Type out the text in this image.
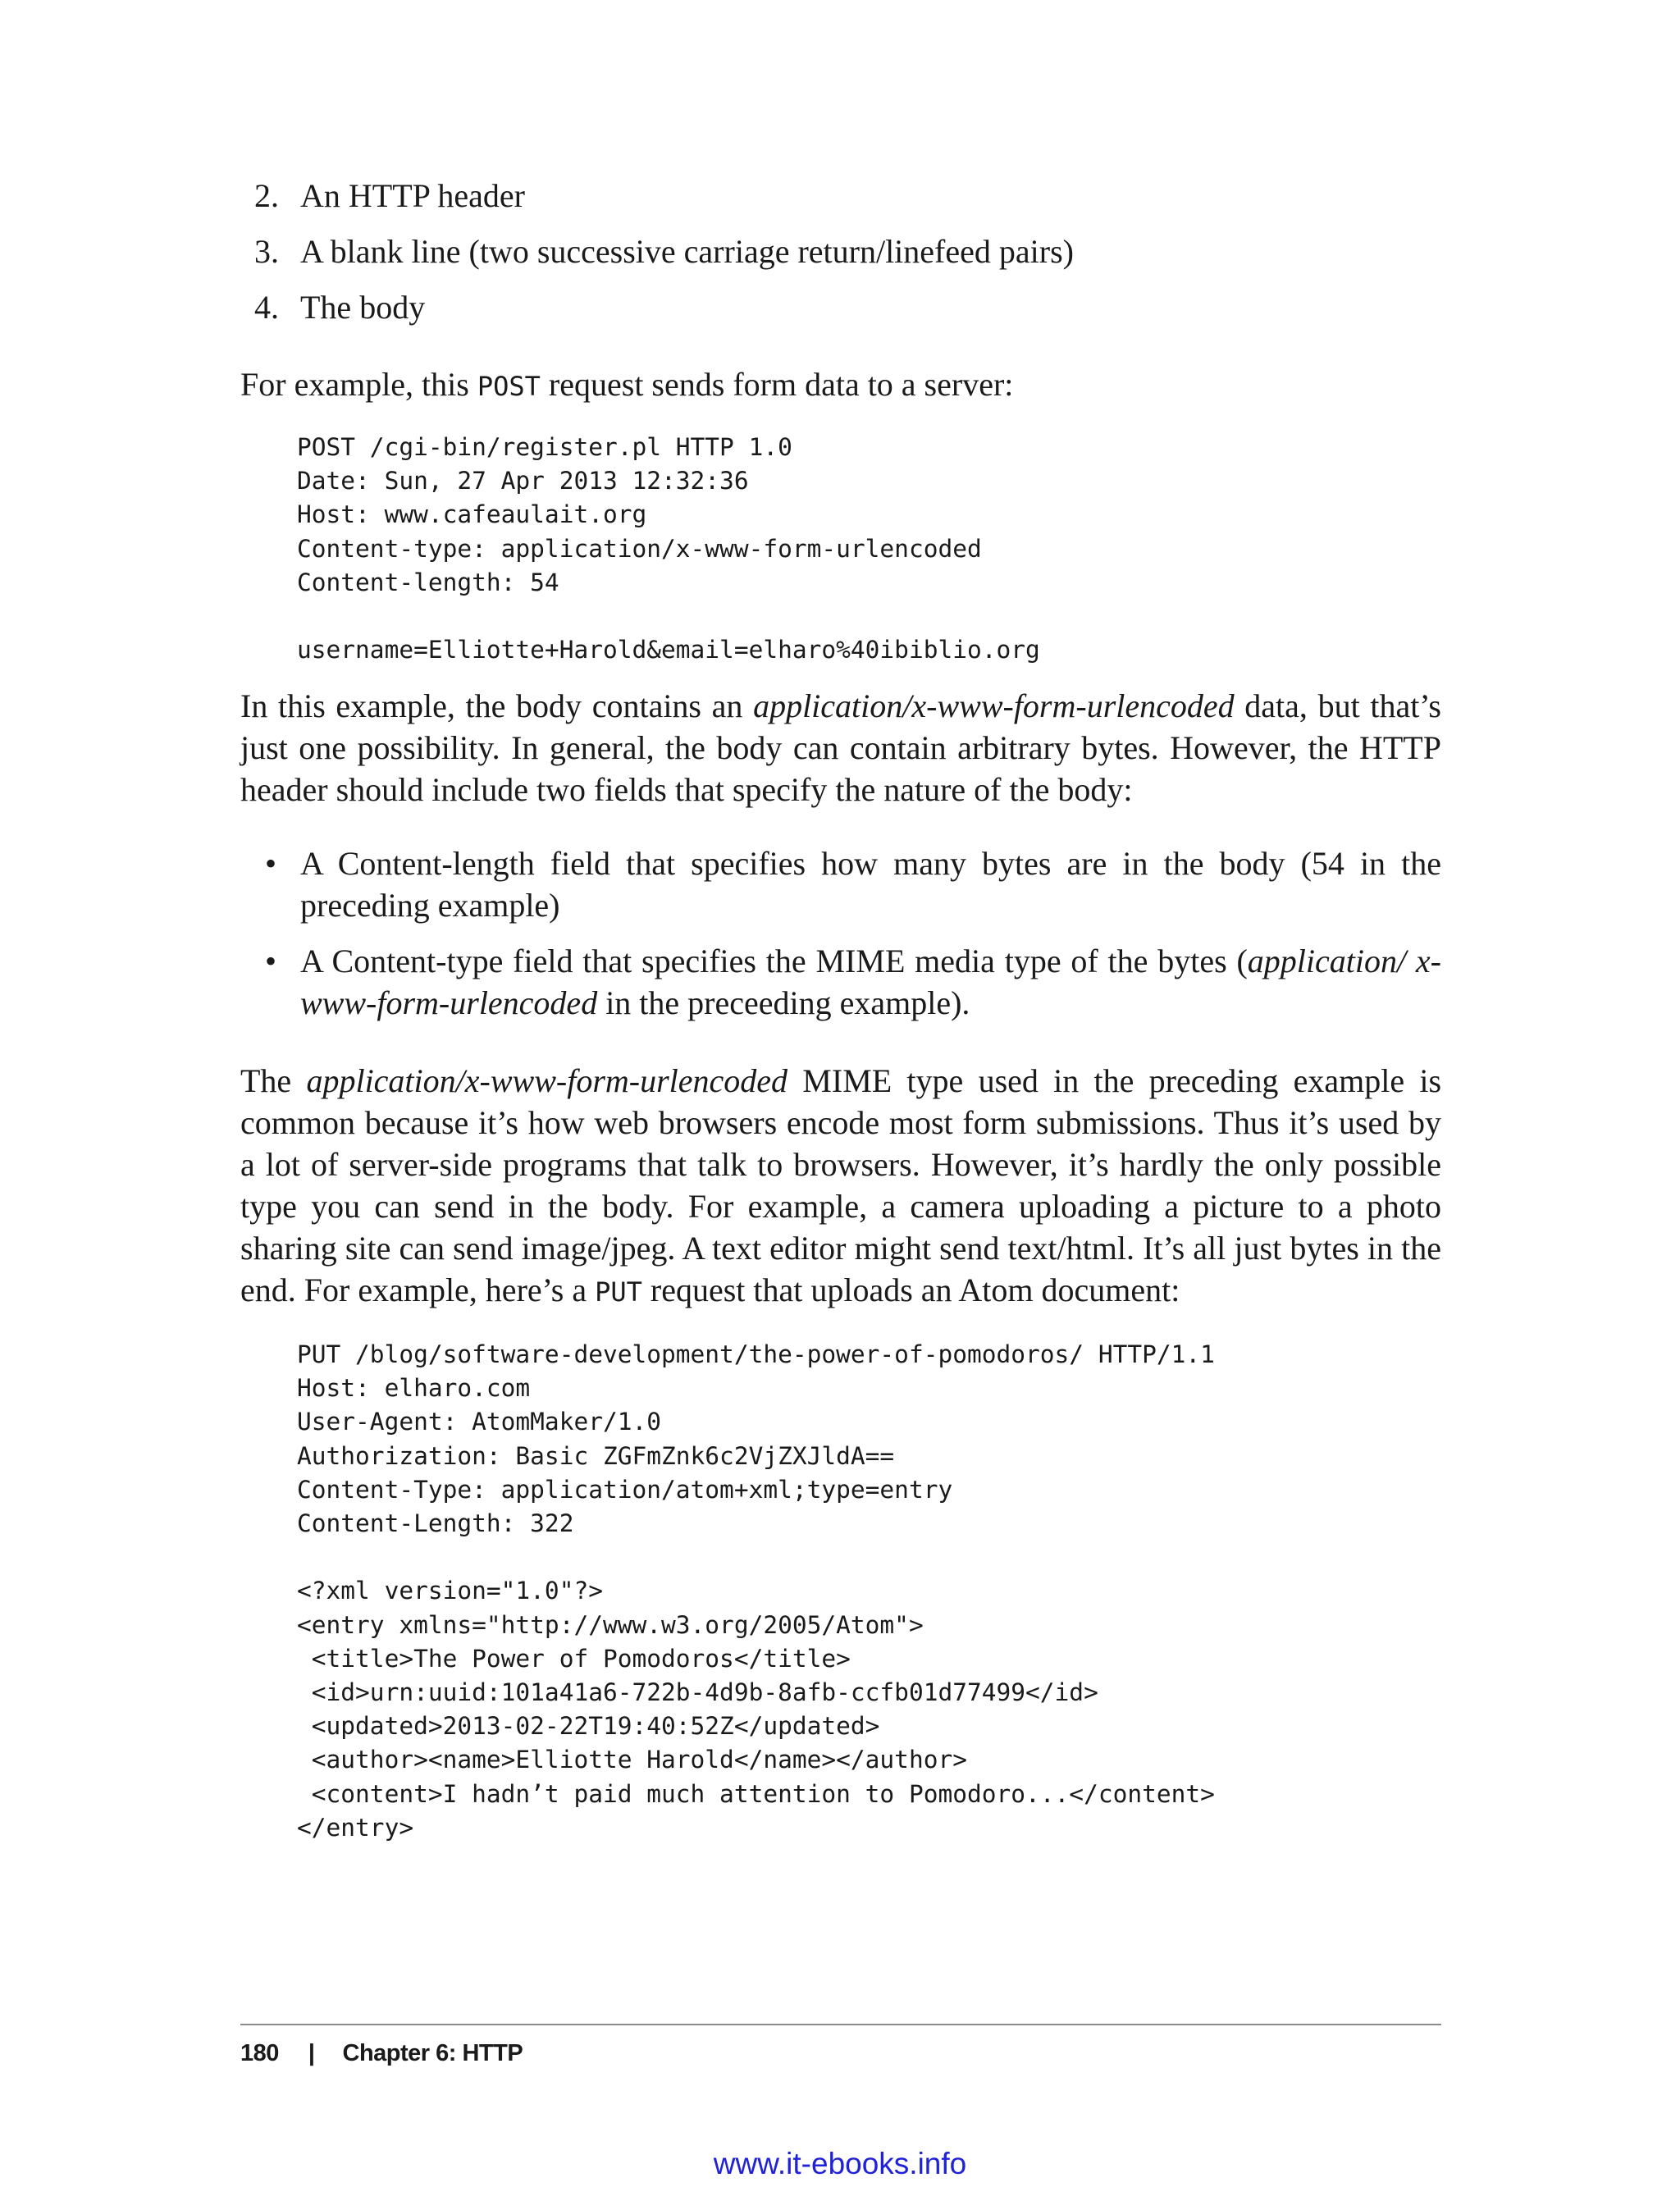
2. An HTTP header
3. A blank line (two successive carriage return/linefeed pairs)
4. The body
For example, this POST request sends form data to a server:
POST /cgi-bin/register.pl HTTP 1.0
Date: Sun, 27 Apr 2013 12:32:36
Host: www.cafeaulait.org
Content-type: application/x-www-form-urlencoded
Content-length: 54

username=Elliotte+Harold&email=elharo%40ibiblio.org
In this example, the body contains an application/x-www-form-urlencoded data, but that’s just one possibility. In general, the body can contain arbitrary bytes. However, the HTTP header should include two fields that specify the nature of the body:
• A Content-length field that specifies how many bytes are in the body (54 in the preceding example)
• A Content-type field that specifies the MIME media type of the bytes (application/ x-www-form-urlencoded in the preceeding example).
The application/x-www-form-urlencoded MIME type used in the preceding example is common because it’s how web browsers encode most form submissions. Thus it’s used by a lot of server-side programs that talk to browsers. However, it’s hardly the only possible type you can send in the body. For example, a camera uploading a picture to a photo sharing site can send image/jpeg. A text editor might send text/html. It’s all just bytes in the end. For example, here’s a PUT request that uploads an Atom document:
PUT /blog/software-development/the-power-of-pomodoros/ HTTP/1.1
Host: elharo.com
User-Agent: AtomMaker/1.0
Authorization: Basic ZGFmZnk6c2VjZXJldA==
Content-Type: application/atom+xml;type=entry
Content-Length: 322

<?xml version="1.0"?>
<entry xmlns="http://www.w3.org/2005/Atom">
<title>The Power of Pomodoros</title>
<id>urn:uuid:101a41a6-722b-4d9b-8afb-ccfb01d77499</id>
<updated>2013-02-22T19:40:52Z</updated>
<author><name>Elliotte Harold</name></author>
<content>I hadn’t paid much attention to Pomodoro...</content>
</entry>
180 | Chapter 6: HTTP
www.it-ebooks.info
